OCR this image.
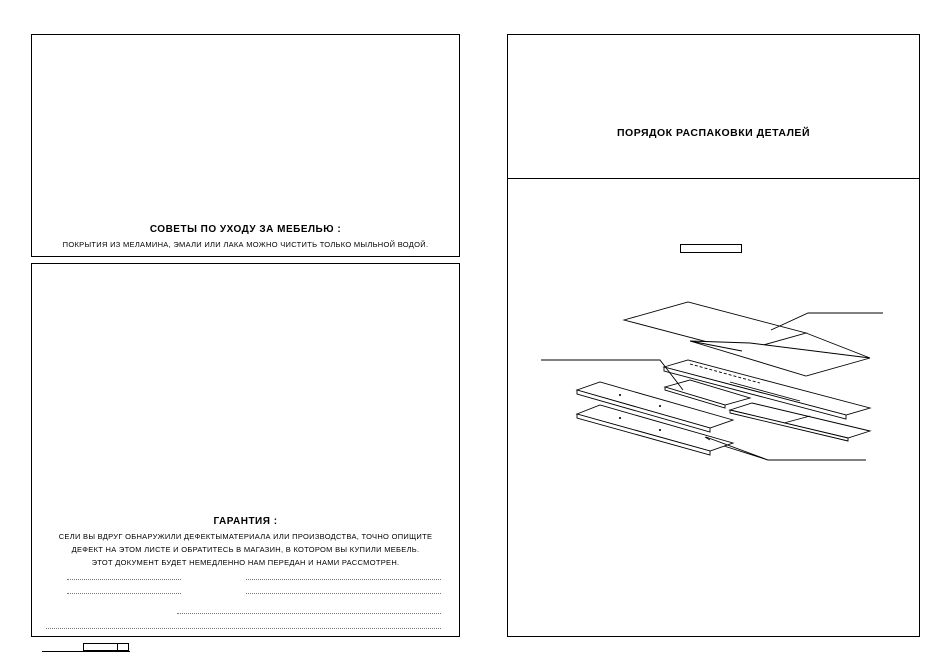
СОВЕТЫ ПО УХОДУ ЗА МЕБЕЛЬЮ :
ПОКРЫТИЯ ИЗ МЕЛАМИНА, ЭМАЛИ ИЛИ ЛАКА МОЖНО ЧИСТИТЬ ТОЛЬКО МЫЛЬНОЙ ВОДОЙ.
ГАРАНТИЯ :
СЕЛИ ВЫ ВДРУГ ОБНАРУЖИЛИ ДЕФЕКТЫМАТЕРИАЛА ИЛИ ПРОИЗВОДСТВА, ТОЧНО ОПИЩИТЕ
ДЕФЕКТ НА ЭТОМ ЛИСТЕ И ОБРАТИТЕСЬ В МАГАЗИН, В КОТОРОМ ВЫ КУПИЛИ МЕБЕЛЬ.
ЭТОТ ДОКУМЕНТ БУДЕТ НЕМЕДЛЕННО НАМ ПЕРЕДАН И НАМИ РАССМОТРЕН.
ПОРЯДОК РАСПАКОВКИ ДЕТАЛЕЙ
